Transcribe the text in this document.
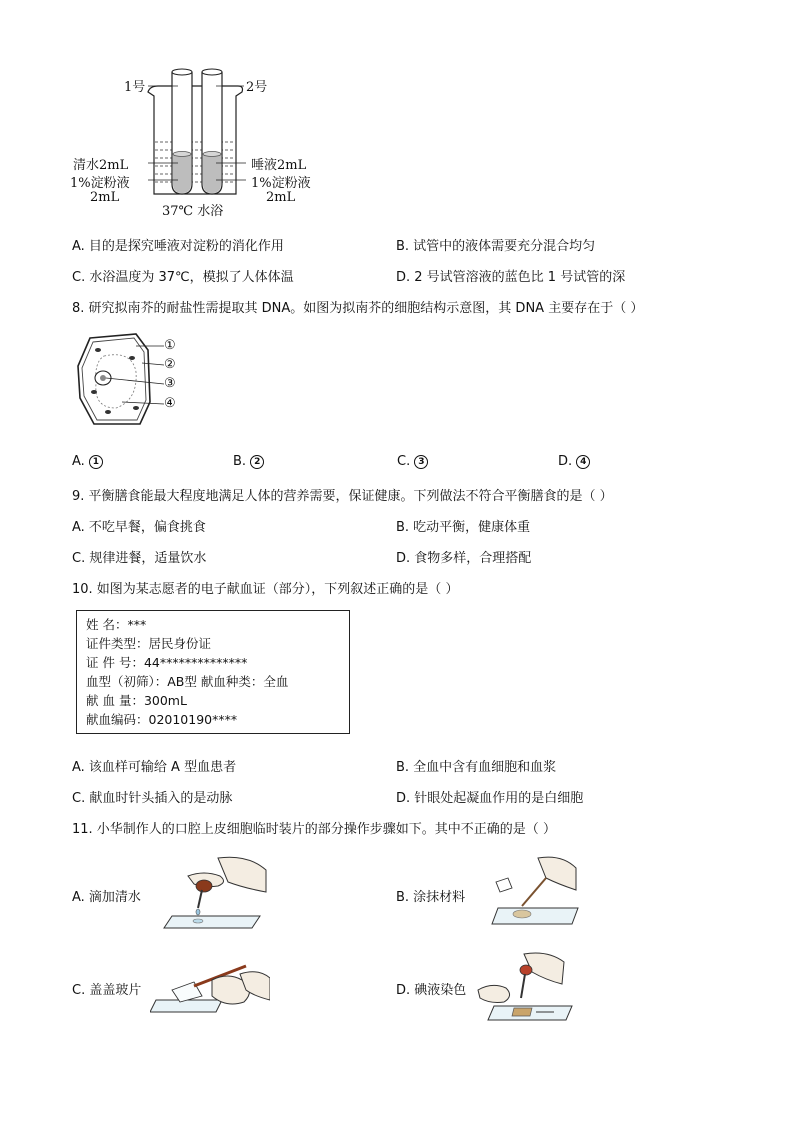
1号	2号
清水2mL
1%淀粉液
2mL
唾液2mL
1%淀粉液
2mL
37℃ 水浴
A. 目的是探究唾液对淀粉的消化作用	B. 试管中的液体需要充分混合均匀
C. 水浴温度为 37℃，模拟了人体体温	D. 2 号试管溶液的蓝色比 1 号试管的深
8. 研究拟南芥的耐盐性需提取其 DNA。如图为拟南芥的细胞结构示意图，其 DNA 主要存在于（ ）
①
②
③
④
A. 1	B. 2	C. 3	D. 4
9. 平衡膳食能最大程度地满足人体的营养需要，保证健康。下列做法不符合平衡膳食的是（ ）
A. 不吃早餐，偏食挑食	B. 吃动平衡，健康体重
C. 规律进餐，适量饮水	D. 食物多样，合理搭配
10. 如图为某志愿者的电子献血证（部分），下列叙述正确的是（ ）
姓 名：***
证件类型：居民身份证
证 件 号：44**************
血型（初筛）：AB型 献血种类：全血
献 血 量：300mL
献血编码：02010190****
A. 该血样可输给 A 型血患者	B. 全血中含有血细胞和血浆
C. 献血时针头插入的是动脉	D. 针眼处起凝血作用的是白细胞
11. 小华制作人的口腔上皮细胞临时装片的部分操作步骤如下。其中不正确的是（ ）
A. 滴加清水	B. 涂抹材料
C. 盖盖玻片	D. 碘液染色
